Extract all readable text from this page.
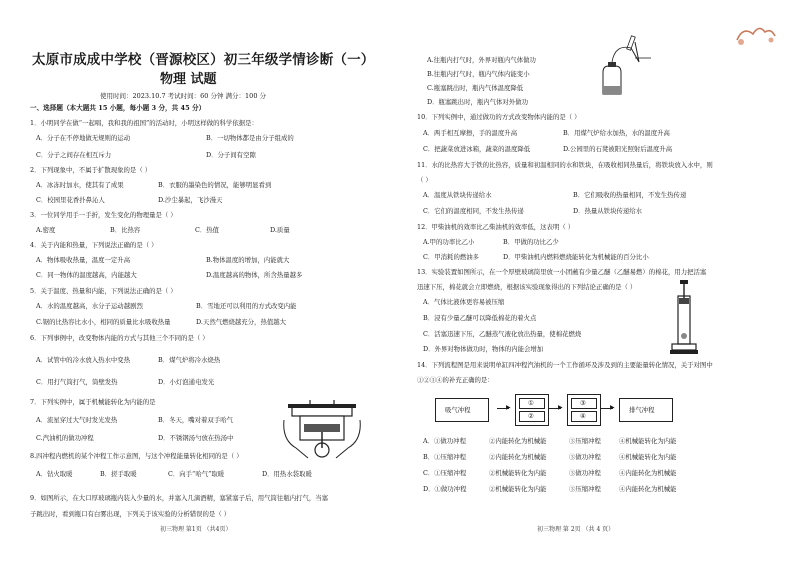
太原市成成中学校（晋源校区）初三年级学情诊断（一）
物理 试题
使用时间：2023.10.7 考试时间：60 分钟 满分：100 分
一、选择题（本大题共 15 小题，每小题 3 分，共 45 分）
1．小明同学在做“一起唱，我和我的祖国”的活动时，小明这样做的科学依据是：
A．分子在不停地做无规则的运动	B．一切物体都是由分子组成的
C．分子之间存在相互斥力	D．分子间有空隙
2．下列现象中，不属于扩散现象的是（ ）
A．冰冻时加水，使其有了成果	B．衣服的墨染色的情况，能够明显看到
C．校园里花香扑鼻沁人	D.沙尘暴起，飞沙漫天
3．一位同学用手一手折，发生变化的物理量是（ ）
A.密度	B．比热容	C．热值	D.质量
4．关于内能和热量，下列说法正确的是（ ）
A．物体吸收热量，温度一定升高	B.物体温度的增加，内能就大
C．同一物体的温度越高，内能越大	D.温度越高的物体，所含热量越多
5．关于温度、热量和内能，下列说法正确的是（ ）
A．水的温度越高，水分子运动越剧烈	B．雪地还可以利用的方式改变内能
C.锯的比热容比水小，相同的质量比水吸收热量	D.天然气燃烧越充分，热值越大
6．下列事例中，改变物体内能的方式与其他三个不同的是（ ）
A．试管中的冷水放入热水中变热	B．煤气炉将冷水烧热
C．用打气筒打气，筒壁发热	D．小灯泡通电发光
7．下列实例中，属于机械能转化为内能的是
A．流星穿过大气时发光发热	B．冬天，嘴对着双手哈气
C.汽油机的做功冲程	D．不锈钢汤勺放在热汤中
8.四冲程内燃机的某个冲程工作示意图，与这个冲程能量转化相同的是（ ）
A．钻火取暖	B．搓手取暖	C．向手“哈气”取暖	D．用热水袋取暖
9．如图所示，在大口厚玻璃瓶内装入少量的水，并塞入几滴酒精，塞紧塞子后，用气筒往瓶内打气，当塞
子跳出时，看到瓶口有白雾出现，下列关于该实验的分析错误的是（ ）
初三物理 第1页 （共4页）
A.往瓶内打气时，外界对瓶内气体做功
B.往瓶内打气时，瓶内气体内能变小
C.瓶塞跳出时，瓶内气体温度降低
D．瓶塞跳出时，瓶内气体对外做功
10．下列实例中，通过做功的方式改变物体内能的是（ ）
A．两手相互摩擦，手的温度升高	B．用煤气炉给水加热，水的温度升高
C．把蔬菜放进冰箱，蔬菜的温度降低	D.公园里的石凳被阳光照射后温度升高
11．水的比热容大于铁的比热容，质量和初温相同的水和铁块，在吸收相同热量后，将铁块放入水中，则
（ ）
A．温度从铁块传递给水	B．它们吸收的热量相同，不发生热传递
C．它们的温度相同，不发生热传递	D．热量从铁块传递给水
12．甲柴油机的效率比乙柴油机的效率低，这表明（ ）
A.甲的功率比乙小	B．甲做的功比乙少
C．甲消耗的燃油多	D．甲柴油机内燃料燃烧能转化为机械能的百分比小
13．实验装置如图所示，在一个厚壁玻璃筒里放一小团蘸有少量乙醚（乙醚易燃）的棉花，用力把活塞
迅速下压，棉花就会立即燃烧，根据该实验现象得出的下列结论正确的是（ ）
A．气体比液体更容易被压缩
B．浸有少量乙醚可以降低棉花的着火点
C．活塞迅速下压，乙醚蒸气液化放出热量，使棉花燃烧
D．外界对物体做功时，物体的内能会增加
14．下列流程图是用来说明单缸四冲程汽油机的一个工作循环及涉及到的主要能量转化情况，关于对图中
①②③④的补充正确的是：
吸气冲程	▶
①
②
▶
③
④
▶ 排气冲程
A．①做功冲程	②内能转化为机械能	③压缩冲程	④机械能转化为内能
B．①压缩冲程	②内能转化为机械能	③做功冲程	④机械能转化为内能
C．①压缩冲程	②机械能转化为内能	③做功冲程	④内能转化为机械能
D．①做功冲程	②机械能转化为内能	③压缩冲程	④内能转化为机械能
初三物理 第 2页 （共 4 页）
